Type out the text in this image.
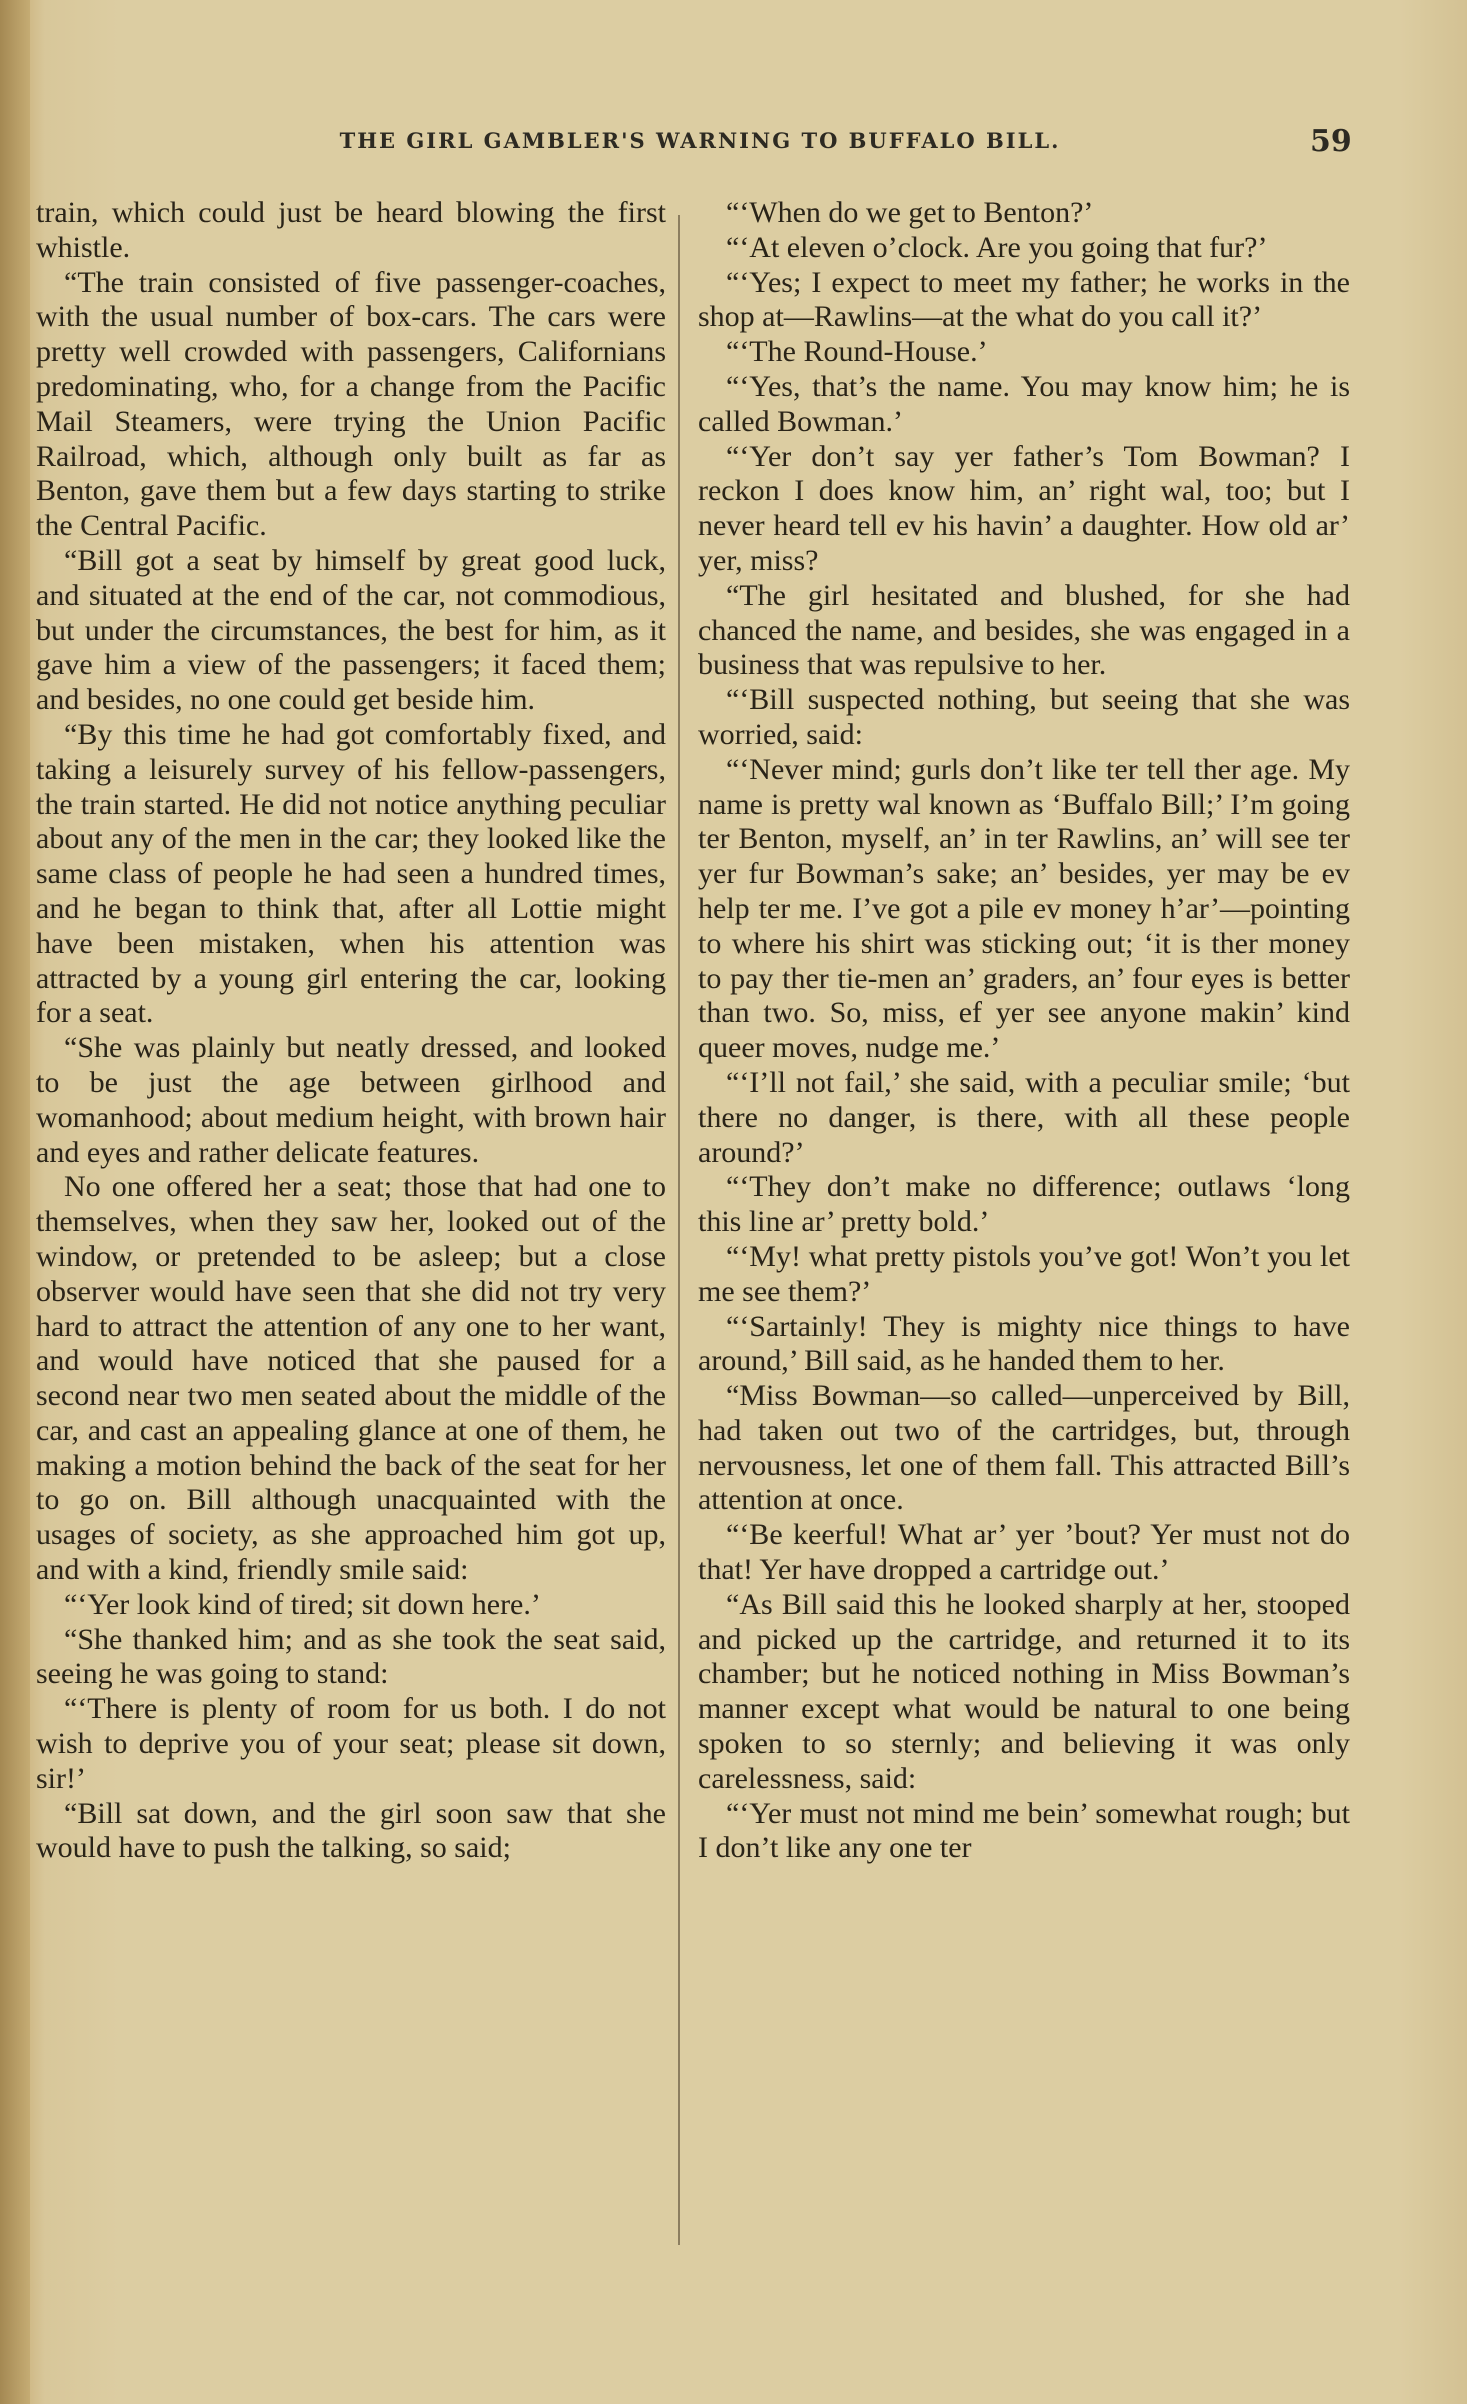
THE GIRL GAMBLER'S WARNING TO BUFFALO BILL.	59

train, which could just be heard blowing the first whistle.

“The train consisted of five passenger-coaches, with the usual number of box-cars. The cars were pretty well crowded with passengers, Californians predominating, who, for a change from the Pacific Mail Steamers, were trying the Union Pacific Railroad, which, although only built as far as Benton, gave them but a few days starting to strike the Central Pacific.

“Bill got a seat by himself by great good luck, and situated at the end of the car, not commodious, but under the circumstances, the best for him, as it gave him a view of the passengers; it faced them; and besides, no one could get beside him.

“By this time he had got comfortably fixed, and taking a leisurely survey of his fellow-passengers, the train started. He did not notice anything peculiar about any of the men in the car; they looked like the same class of people he had seen a hundred times, and he began to think that, after all Lottie might have been mistaken, when his attention was attracted by a young girl entering the car, looking for a seat.

“She was plainly but neatly dressed, and looked to be just the age between girlhood and womanhood; about medium height, with brown hair and eyes and rather delicate features.

No one offered her a seat; those that had one to themselves, when they saw her, looked out of the window, or pretended to be asleep; but a close observer would have seen that she did not try very hard to attract the attention of any one to her want, and would have noticed that she paused for a second near two men seated about the middle of the car, and cast an appealing glance at one of them, he making a motion behind the back of the seat for her to go on. Bill although unacquainted with the usages of society, as she approached him got up, and with a kind, friendly smile said:

“‘Yer look kind of tired; sit down here.’

“She thanked him; and as she took the seat said, seeing he was going to stand:

“‘There is plenty of room for us both. I do not wish to deprive you of your seat; please sit down, sir!’

“Bill sat down, and the girl soon saw that she would have to push the talking, so said;

“‘When do we get to Benton?’

“‘At eleven o’clock. Are you going that fur?’

“‘Yes; I expect to meet my father; he works in the shop at—Rawlins—at the what do you call it?’

“‘The Round-House.’

“‘Yes, that’s the name. You may know him; he is called Bowman.’

“‘Yer don’t say yer father’s Tom Bowman? I reckon I does know him, an’ right wal, too; but I never heard tell ev his havin’ a daughter. How old ar’ yer, miss?

“The girl hesitated and blushed, for she had chanced the name, and besides, she was engaged in a business that was repulsive to her.

“‘Bill suspected nothing, but seeing that she was worried, said:

“‘Never mind; gurls don’t like ter tell ther age. My name is pretty wal known as ‘Buffalo Bill;’ I’m going ter Benton, myself, an’ in ter Rawlins, an’ will see ter yer fur Bowman’s sake; an’ besides, yer may be ev help ter me. I’ve got a pile ev money h’ar’—pointing to where his shirt was sticking out; ‘it is ther money to pay ther tie-men an’ graders, an’ four eyes is better than two. So, miss, ef yer see anyone makin’ kind queer moves, nudge me.’

“‘I’ll not fail,’ she said, with a peculiar smile; ‘but there no danger, is there, with all these people around?’

“‘They don’t make no difference; outlaws ‘long this line ar’ pretty bold.’

“‘My! what pretty pistols you’ve got! Won’t you let me see them?’

“‘Sartainly! They is mighty nice things to have around,’ Bill said, as he handed them to her.

“Miss Bowman—so called—unperceived by Bill, had taken out two of the cartridges, but, through nervousness, let one of them fall. This attracted Bill’s attention at once.

“‘Be keerful! What ar’ yer ’bout? Yer must not do that! Yer have dropped a cartridge out.’

“As Bill said this he looked sharply at her, stooped and picked up the cartridge, and returned it to its chamber; but he noticed nothing in Miss Bowman’s manner except what would be natural to one being spoken to so sternly; and believing it was only carelessness, said:

“‘Yer must not mind me bein’ somewhat rough; but I don’t like any one ter
